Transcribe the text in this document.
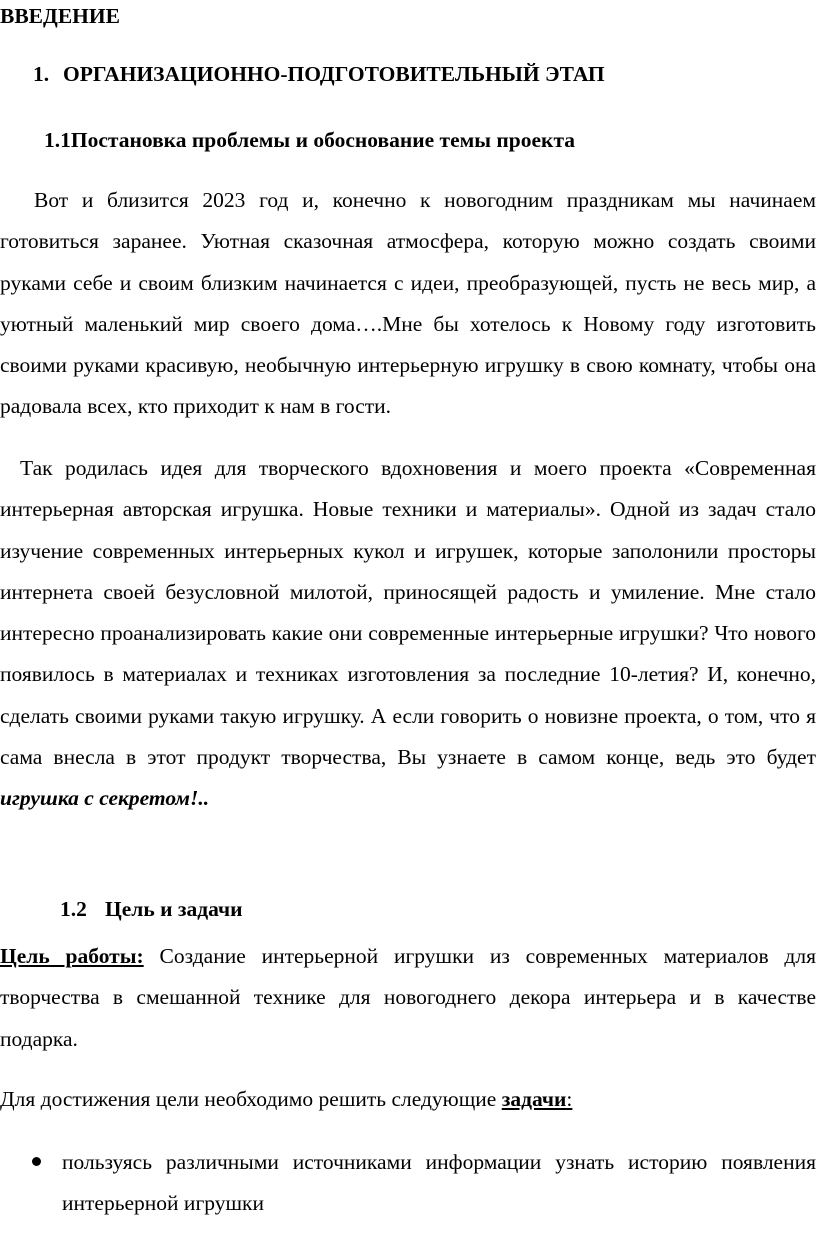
ВВЕДЕНИЕ

1. ОРГАНИЗАЦИОННО-ПОДГОТОВИТЕЛЬНЫЙ ЭТАП

1.1Постановка проблемы и обоснование темы проекта

Вот и близится 2023 год и, конечно к новогодним праздникам мы начинаем готовиться заранее. Уютная сказочная атмосфера, которую можно создать своими руками себе и своим близким начинается с идеи, преобразующей, пусть не весь мир, а уютный маленький мир своего дома….Мне бы хотелось к Новому году изготовить своими руками красивую, необычную интерьерную игрушку в свою комнату, чтобы она радовала всех, кто приходит к нам в гости.

Так родилась идея для творческого вдохновения и моего проекта «Современная интерьерная авторская игрушка. Новые техники и материалы». Одной из задач стало изучение современных интерьерных кукол и игрушек, которые заполонили просторы интернета своей безусловной милотой, приносящей радость и умиление. Мне стало интересно проанализировать какие они современные интерьерные игрушки? Что нового появилось в материалах и техниках изготовления за последние 10-летия? И, конечно, сделать своими руками такую игрушку. А если говорить о новизне проекта, о том, что я сама внесла в этот продукт творчества, Вы узнаете в самом конце, ведь это будет игрушка с секретом!..

1.2 Цель и задачи

Цель работы: Создание интерьерной игрушки из современных материалов для творчества в смешанной технике для новогоднего декора интерьера и в качестве подарка.

Для достижения цели необходимо решить следующие задачи:

пользуясь различными источниками информации узнать историю появления интерьерной игрушки
